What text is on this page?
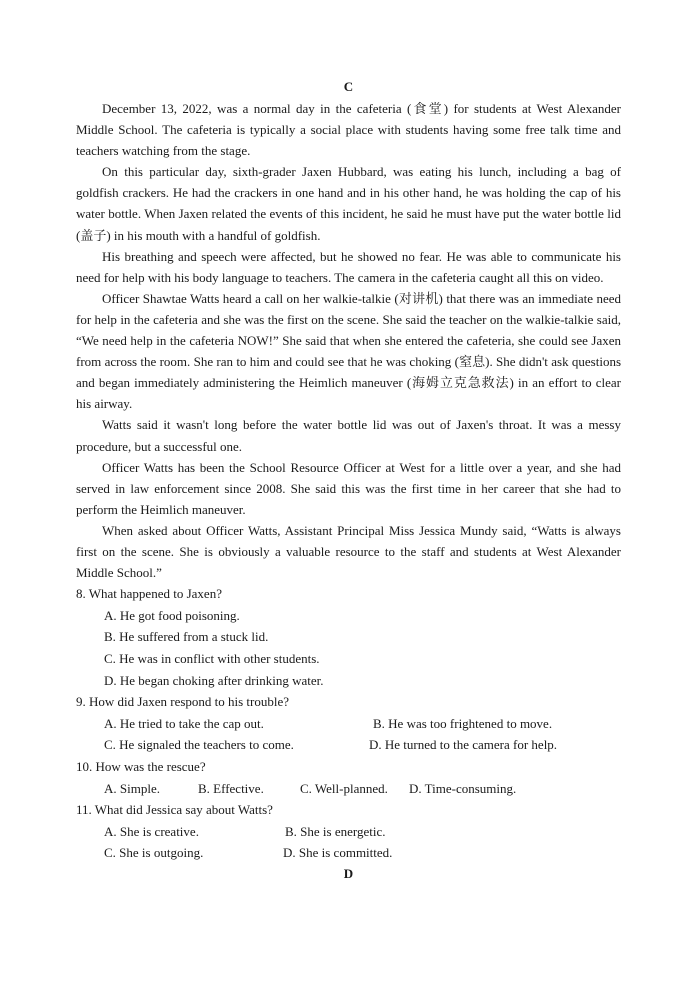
C

December 13, 2022, was a normal day in the cafeteria (食堂) for students at West Alexander Middle School. The cafeteria is typically a social place with students having some free talk time and teachers watching from the stage.

On this particular day, sixth-grader Jaxen Hubbard, was eating his lunch, including a bag of goldfish crackers. He had the crackers in one hand and in his other hand, he was holding the cap of his water bottle. When Jaxen related the events of this incident, he said he must have put the water bottle lid (盖子) in his mouth with a handful of goldfish.

His breathing and speech were affected, but he showed no fear. He was able to communicate his need for help with his body language to teachers. The camera in the cafeteria caught all this on video.

Officer Shawtae Watts heard a call on her walkie-talkie (对讲机) that there was an immediate need for help in the cafeteria and she was the first on the scene. She said the teacher on the walkie-talkie said, “We need help in the cafeteria NOW!” She said that when she entered the cafeteria, she could see Jaxen from across the room. She ran to him and could see that he was choking (窒息). She didn't ask questions and began immediately administering the Heimlich maneuver (海姆立克急救法) in an effort to clear his airway.

Watts said it wasn't long before the water bottle lid was out of Jaxen's throat. It was a messy procedure, but a successful one.

Officer Watts has been the School Resource Officer at West for a little over a year, and she had served in law enforcement since 2008. She said this was the first time in her career that she had to perform the Heimlich maneuver.

When asked about Officer Watts, Assistant Principal Miss Jessica Mundy said, “Watts is always first on the scene. She is obviously a valuable resource to the staff and students at West Alexander Middle School.”

8. What happened to Jaxen?

A. He got food poisoning.

B. He suffered from a stuck lid.

C. He was in conflict with other students.

D. He began choking after drinking water.

9. How did Jaxen respond to his trouble?

A. He tried to take the cap out.	B. He was too frightened to move.
C. He signaled the teachers to come.	D. He turned to the camera for help.

10. How was the rescue?

A. Simple.	B. Effective.	C. Well-planned. D. Time-consuming.

11. What did Jessica say about Watts?

A. She is creative.	B. She is energetic.
C. She is outgoing.	D. She is committed.
D
